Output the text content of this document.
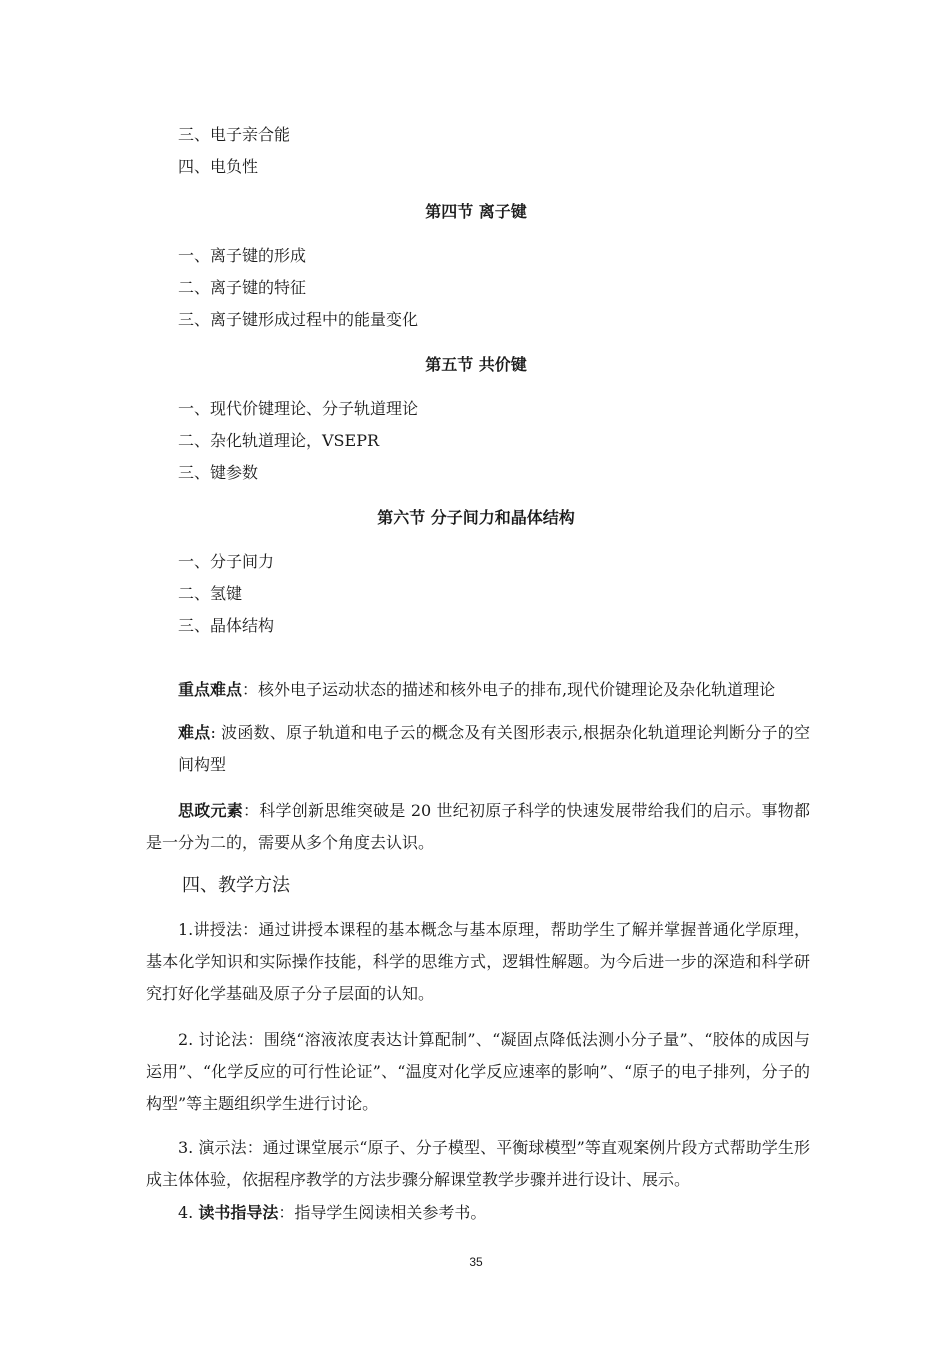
三、电子亲合能
四、电负性
第四节 离子键
一、离子键的形成
二、离子键的特征
三、离子键形成过程中的能量变化
第五节 共价键
一、现代价键理论、分子轨道理论
二、杂化轨道理论，VSEPR
三、键参数
第六节 分子间力和晶体结构
一、分子间力
二、氢键
三、晶体结构
重点难点：核外电子运动状态的描述和核外电子的排布,现代价键理论及杂化轨道理论
难点: 波函数、原子轨道和电子云的概念及有关图形表示,根据杂化轨道理论判断分子的空间构型
思政元素：科学创新思维突破是 20 世纪初原子科学的快速发展带给我们的启示。事物都是一分为二的，需要从多个角度去认识。
四、教学方法
1.讲授法：通过讲授本课程的基本概念与基本原理，帮助学生了解并掌握普通化学原理，基本化学知识和实际操作技能，科学的思维方式，逻辑性解题。为今后进一步的深造和科学研究打好化学基础及原子分子层面的认知。
2. 讨论法：围绕“溶液浓度表达计算配制”、“凝固点降低法测小分子量”、“胶体的成因与运用”、“化学反应的可行性论证”、“温度对化学反应速率的影响”、“原子的电子排列，分子的构型”等主题组织学生进行讨论。
3. 演示法：通过课堂展示“原子、分子模型、平衡球模型”等直观案例片段方式帮助学生形成主体体验，依据程序教学的方法步骤分解课堂教学步骤并进行设计、展示。
4. 读书指导法：指导学生阅读相关参考书。
35
